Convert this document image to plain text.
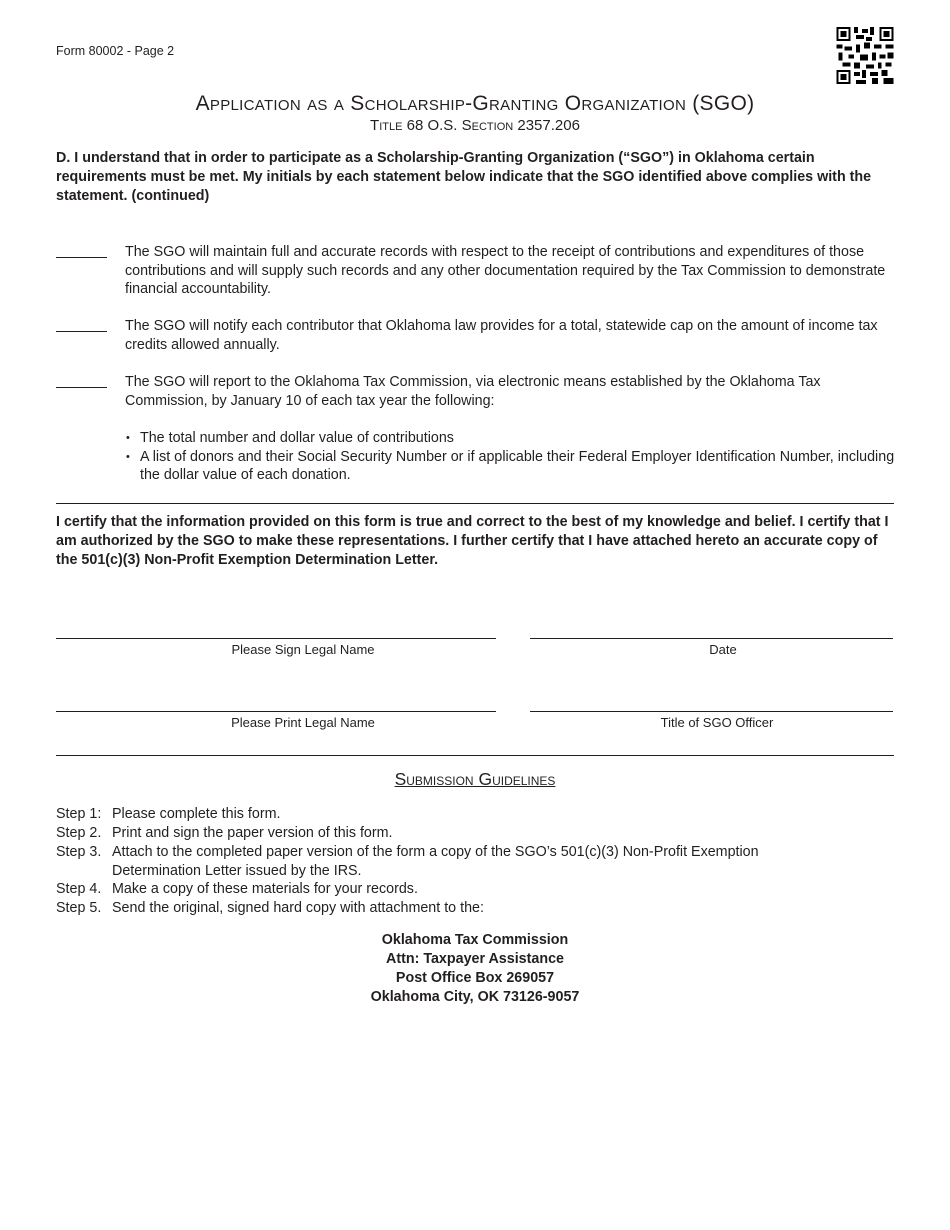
Form 80002 - Page 2
Application as a Scholarship-Granting Organization (SGO)
Title 68 O.S. Section 2357.206
D. I understand that in order to participate as a Scholarship-Granting Organization (“SGO”) in Oklahoma certain requirements must be met. My initials by each statement below indicate that the SGO identified above complies with the statement. (continued)
The SGO will maintain full and accurate records with respect to the receipt of contributions and expenditures of those contributions and will supply such records and any other documentation required by the Tax Commission to demonstrate financial accountability.
The SGO will notify each contributor that Oklahoma law provides for a total, statewide cap on the amount of income tax credits allowed annually.
The SGO will report to the Oklahoma Tax Commission, via electronic means established by the Oklahoma Tax Commission, by January 10 of each tax year the following:
• The total number and dollar value of contributions
• A list of donors and their Social Security Number or if applicable their Federal Employer Identification Number, including the dollar value of each donation.
I certify that the information provided on this form is true and correct to the best of my knowledge and belief. I certify that I am authorized by the SGO to make these representations. I further certify that I have attached hereto an accurate copy of the 501(c)(3) Non-Profit Exemption Determination Letter.
Please Sign Legal Name	Date
Please Print Legal Name	Title of SGO Officer
Submission Guidelines
Step 1: Please complete this form.
Step 2. Print and sign the paper version of this form.
Step 3. Attach to the completed paper version of the form a copy of the SGO’s 501(c)(3) Non-Profit Exemption Determination Letter issued by the IRS.
Step 4. Make a copy of these materials for your records.
Step 5. Send the original, signed hard copy with attachment to the:
Oklahoma Tax Commission
Attn: Taxpayer Assistance
Post Office Box 269057
Oklahoma City, OK 73126-9057
